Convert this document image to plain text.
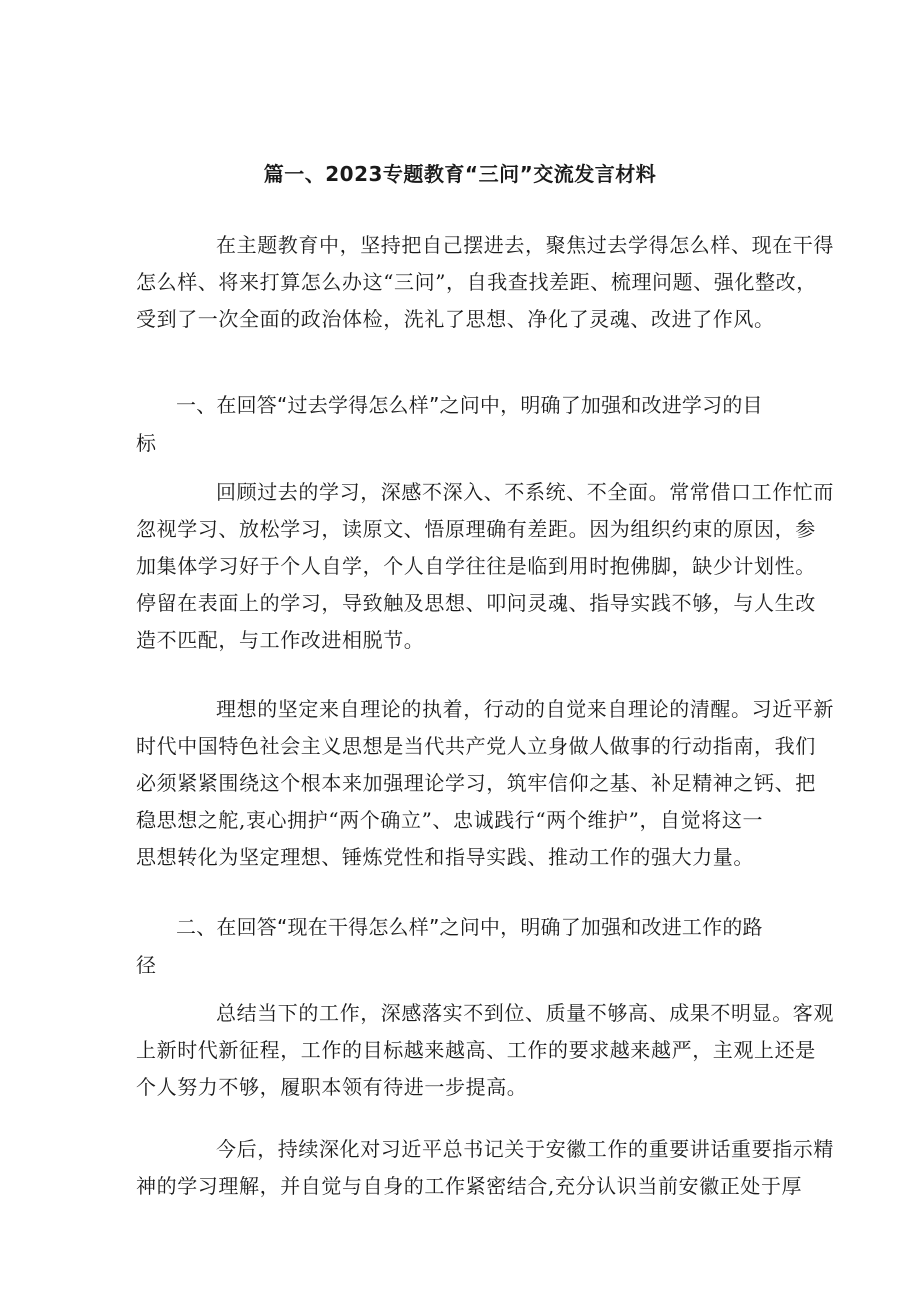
篇一、2023专题教育“三问”交流发言材料
在主题教育中，坚持把自己摆进去，聚焦过去学得怎么样、现在干得
怎么样、将来打算怎么办这“三问”，自我查找差距、梳理问题、强化整改，
受到了一次全面的政治体检，洗礼了思想、净化了灵魂、改进了作风。
一、在回答“过去学得怎么样”之问中，明确了加强和改进学习的目
标
回顾过去的学习，深感不深入、不系统、不全面。常常借口工作忙而
忽视学习、放松学习，读原文、悟原理确有差距。因为组织约束的原因，参
加集体学习好于个人自学，个人自学往往是临到用时抱佛脚，缺少计划性。
停留在表面上的学习，导致触及思想、叩问灵魂、指导实践不够，与人生改
造不匹配，与工作改进相脱节。
理想的坚定来自理论的执着，行动的自觉来自理论的清醒。习近平新
时代中国特色社会主义思想是当代共产党人立身做人做事的行动指南，我们
必须紧紧围绕这个根本来加强理论学习，筑牢信仰之基、补足精神之钙、把
稳思想之舵,衷心拥护“两个确立”、忠诚践行“两个维护”，自觉将这一
思想转化为坚定理想、锤炼党性和指导实践、推动工作的强大力量。
二、在回答“现在干得怎么样”之问中，明确了加强和改进工作的路
径
总结当下的工作，深感落实不到位、质量不够高、成果不明显。客观
上新时代新征程，工作的目标越来越高、工作的要求越来越严，主观上还是
个人努力不够，履职本领有待进一步提高。
今后，持续深化对习近平总书记关于安徽工作的重要讲话重要指示精
神的学习理解，并自觉与自身的工作紧密结合,充分认识当前安徽正处于厚
